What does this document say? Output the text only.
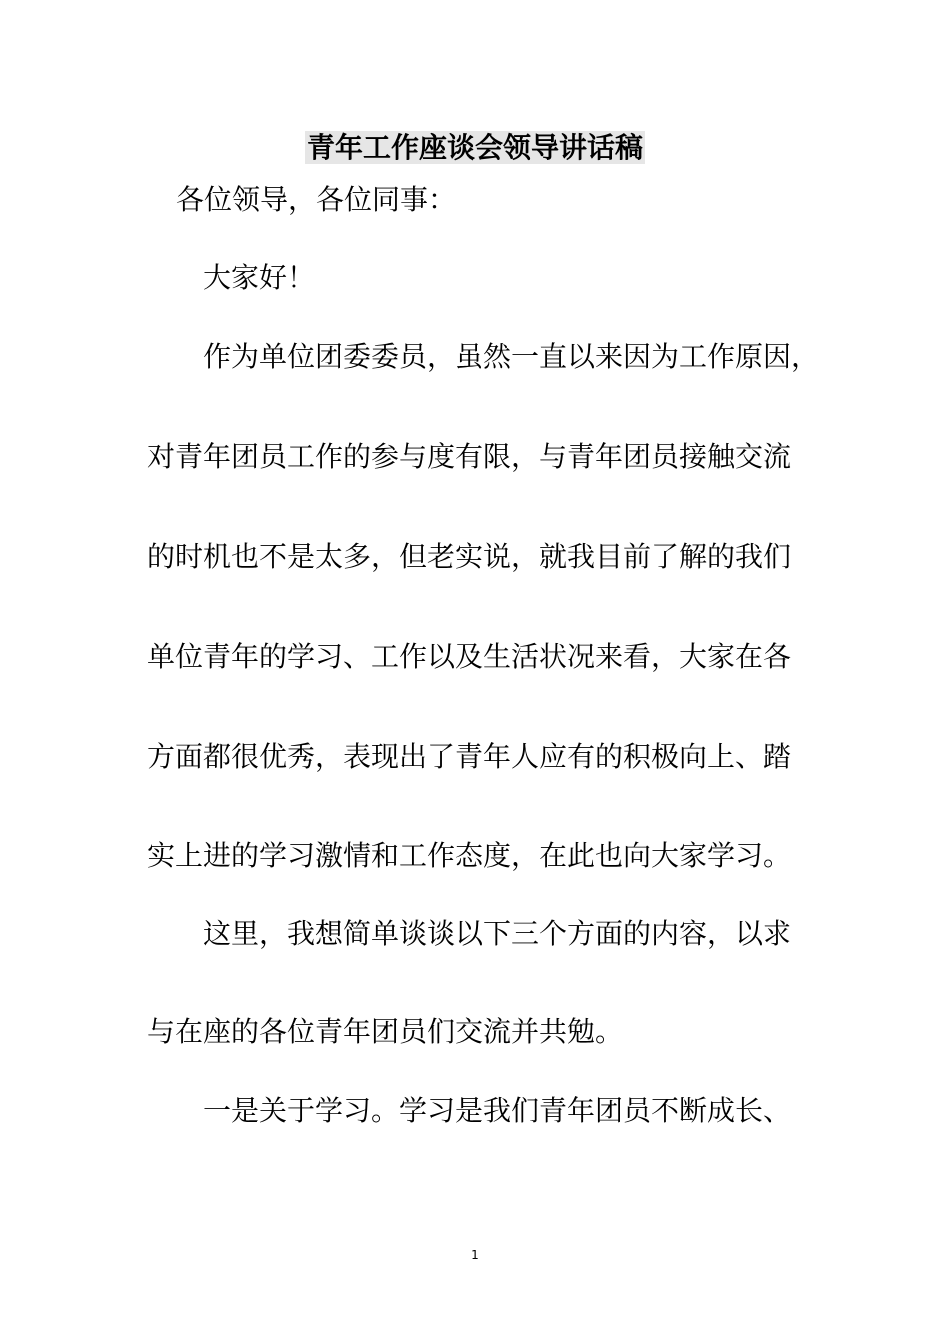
青年工作座谈会领导讲话稿
各位领导，各位同事：
大家好！
作为单位团委委员，虽然一直以来因为工作原因，
对青年团员工作的参与度有限，与青年团员接触交流
的时机也不是太多，但老实说，就我目前了解的我们
单位青年的学习、工作以及生活状况来看，大家在各
方面都很优秀，表现出了青年人应有的积极向上、踏
实上进的学习激情和工作态度，在此也向大家学习。
这里，我想简单谈谈以下三个方面的内容，以求
与在座的各位青年团员们交流并共勉。
一是关于学习。学习是我们青年团员不断成长、
1
